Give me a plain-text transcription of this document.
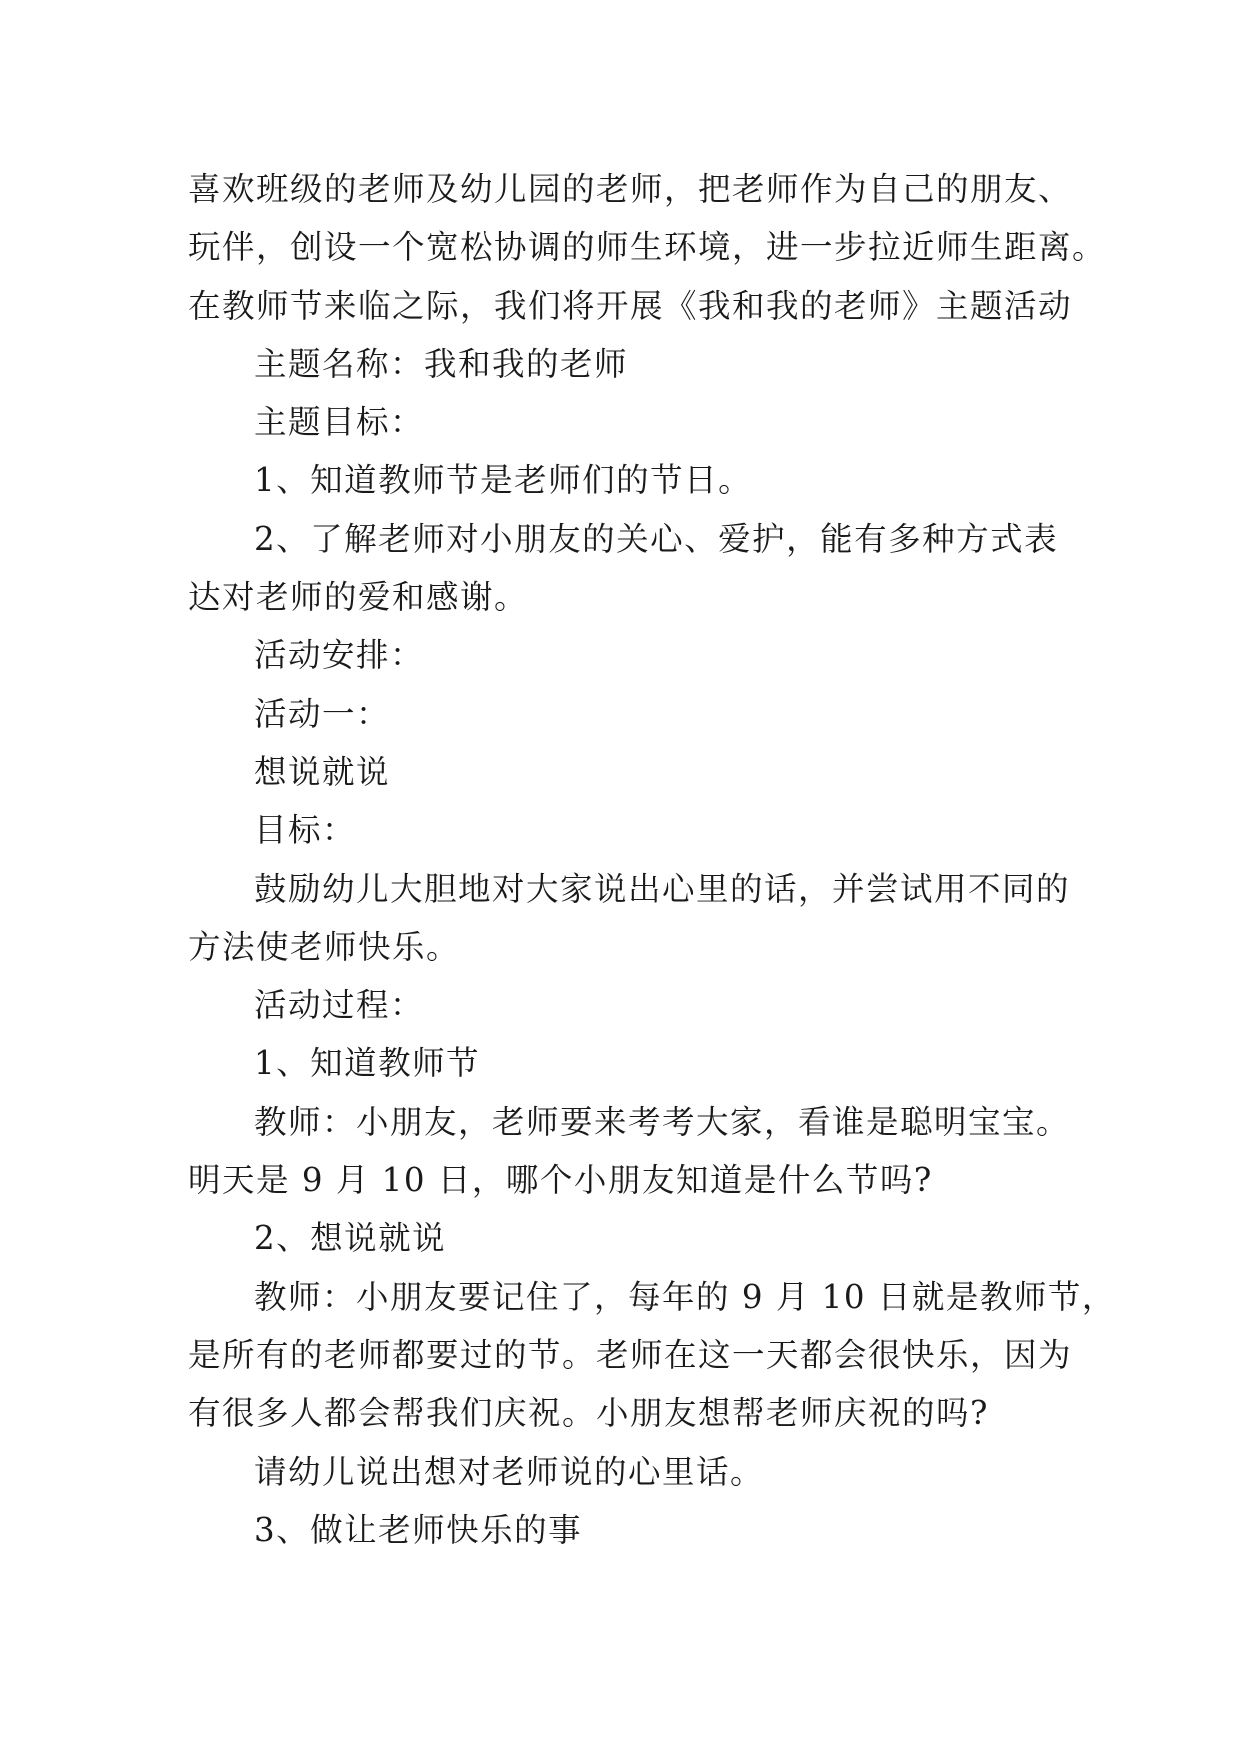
喜欢班级的老师及幼儿园的老师，把老师作为自己的朋友、
玩伴，创设一个宽松协调的师生环境，进一步拉近师生距离。
在教师节来临之际，我们将开展《我和我的老师》主题活动
主题名称：我和我的老师
主题目标：
1、知道教师节是老师们的节日。
2、了解老师对小朋友的关心、爱护，能有多种方式表
达对老师的爱和感谢。
活动安排：
活动一：
想说就说
目标：
鼓励幼儿大胆地对大家说出心里的话，并尝试用不同的
方法使老师快乐。
活动过程：
1、知道教师节
教师：小朋友，老师要来考考大家，看谁是聪明宝宝。
明天是 9 月 10 日，哪个小朋友知道是什么节吗?
2、想说就说
教师：小朋友要记住了，每年的 9 月 10 日就是教师节，
是所有的老师都要过的节。老师在这一天都会很快乐，因为
有很多人都会帮我们庆祝。小朋友想帮老师庆祝的吗?
请幼儿说出想对老师说的心里话。
3、做让老师快乐的事
